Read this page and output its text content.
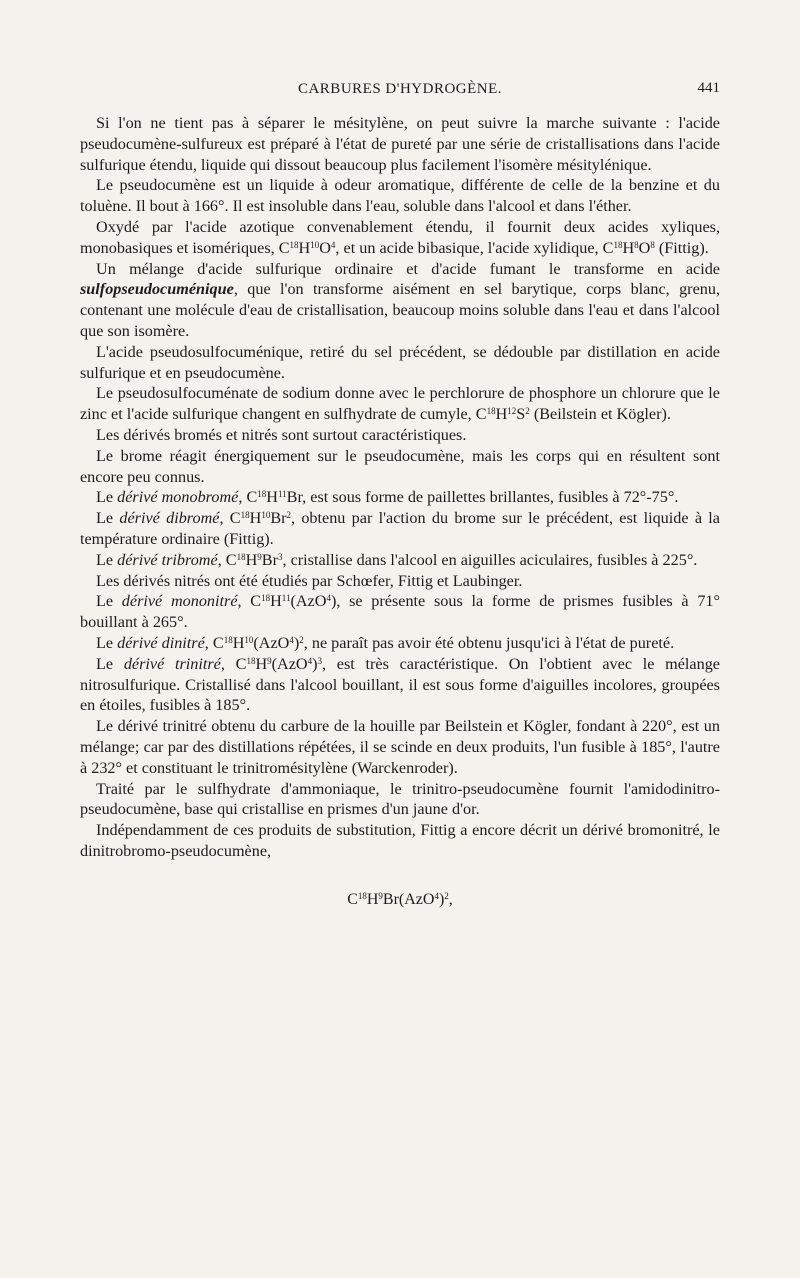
CARBURES D'HYDROGÈNE.	441

Si l'on ne tient pas à séparer le mésitylène, on peut suivre la marche suivante : l'acide pseudocumène-sulfureux est préparé à l'état de pureté par une série de cristallisations dans l'acide sulfurique étendu, liquide qui dissout beaucoup plus facilement l'isomère mésitylénique.

Le pseudocumène est un liquide à odeur aromatique, différente de celle de la benzine et du toluène. Il bout à 166°. Il est insoluble dans l'eau, soluble dans l'alcool et dans l'éther.

Oxydé par l'acide azotique convenablement étendu, il fournit deux acides xyliques, monobasiques et isomériques, $C^{18}H^{10}O^4$, et un acide bibasique, l'acide xylidique, $C^{18}H^8O^8$ (Fittig).

Un mélange d'acide sulfurique ordinaire et d'acide fumant le transforme en acide sulfopseudocuménique, que l'on transforme aisément en sel barytique, corps blanc, grenu, contenant une molécule d'eau de cristallisation, beaucoup moins soluble dans l'eau et dans l'alcool que son isomère.

L'acide pseudosulfocuménique, retiré du sel précédent, se dédouble par distillation en acide sulfurique et en pseudocumène.

Le pseudosulfocuménate de sodium donne avec le perchlorure de phosphore un chlorure que le zinc et l'acide sulfurique changent en sulfhydrate de cumyle, $C^{18}H^{12}S^2$ (Beilstein et Kögler).

Les dérivés bromés et nitrés sont surtout caractéristiques.

Le brome réagit énergiquement sur le pseudocumène, mais les corps qui en résultent sont encore peu connus.

Le dérivé monobromé, $C^{18}H^{11}Br$, est sous forme de paillettes brillantes, fusibles à 72°-75°.

Le dérivé dibromé, $C^{18}H^{10}Br^2$, obtenu par l'action du brome sur le précédent, est liquide à la température ordinaire (Fittig).

Le dérivé tribromé, $C^{18}H^9Br^3$, cristallise dans l'alcool en aiguilles aciculaires, fusibles à 225°.

Les dérivés nitrés ont été étudiés par Schœfer, Fittig et Laubinger.

Le dérivé mononitré, $C^{18}H^{11}(AzO^4)$, se présente sous la forme de prismes fusibles à 71° bouillant à 265°.

Le dérivé dinitré, $C^{18}H^{10}(AzO^4)^2$, ne paraît pas avoir été obtenu jusqu'ici à l'état de pureté.

Le dérivé trinitré, $C^{18}H^9(AzO^4)^3$, est très caractéristique. On l'obtient avec le mélange nitrosulfurique. Cristallisé dans l'alcool bouillant, il est sous forme d'aiguilles incolores, groupées en étoiles, fusibles à 185°.

Le dérivé trinitré obtenu du carbure de la houille par Beilstein et Kögler, fondant à 220°, est un mélange; car par des distillations répétées, il se scinde en deux produits, l'un fusible à 185°, l'autre à 232° et constituant le trinitromésitylène (Warckenroder).

Traité par le sulfhydrate d'ammoniaque, le trinitro-pseudocumène fournit l'amidodinitro-pseudocumène, base qui cristallise en prismes d'un jaune d'or.

Indépendamment de ces produits de substitution, Fittig a encore décrit un dérivé bromonitré, le dinitrobromo-pseudocumène,

$C^{18}H^9Br(AzO^4)^2$,
